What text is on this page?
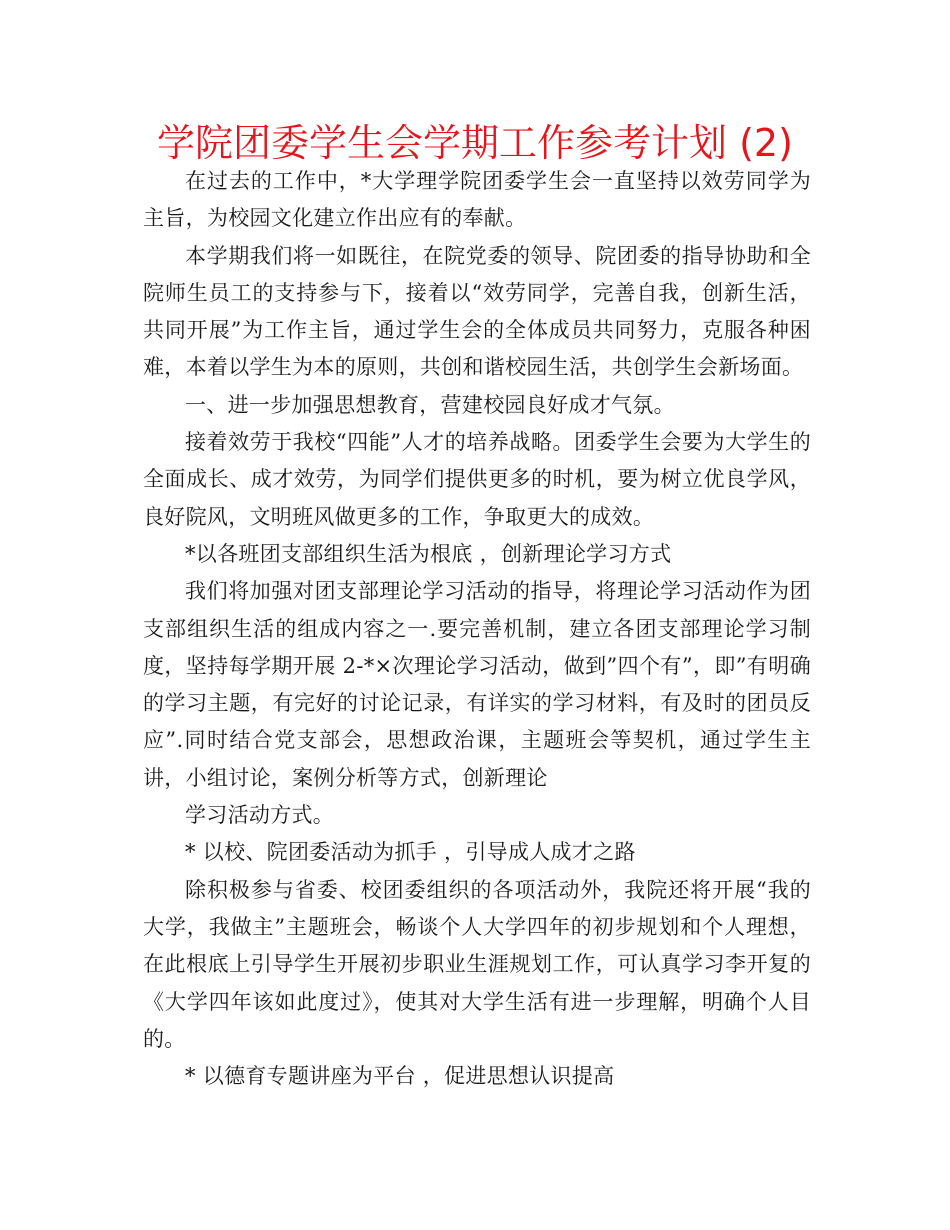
学院团委学生会学期工作参考计划 (2)

在过去的工作中，*大学理学院团委学生会一直坚持以效劳同学为主旨，为校园文化建立作出应有的奉献。

本学期我们将一如既往，在院党委的领导、院团委的指导协助和全院师生员工的支持参与下，接着以“效劳同学，完善自我，创新生活，共同开展”为工作主旨，通过学生会的全体成员共同努力，克服各种困难，本着以学生为本的原则，共创和谐校园生活，共创学生会新场面。

一、进一步加强思想教育，营建校园良好成才气氛。

接着效劳于我校“四能”人才的培养战略。团委学生会要为大学生的全面成长、成才效劳，为同学们提供更多的时机，要为树立优良学风，良好院风，文明班风做更多的工作，争取更大的成效。

*以各班团支部组织生活为根底 ，创新理论学习方式

我们将加强对团支部理论学习活动的指导，将理论学习活动作为团支部组织生活的组成内容之一.要完善机制，建立各团支部理论学习制度，坚持每学期开展 2-*×次理论学习活动，做到”四个有”，即”有明确的学习主题，有完好的讨论记录，有详实的学习材料，有及时的团员反应”.同时结合党支部会，思想政治课，主题班会等契机，通过学生主讲，小组讨论，案例分析等方式，创新理论

学习活动方式。

* 以校、院团委活动为抓手 ，引导成人成才之路

除积极参与省委、校团委组织的各项活动外，我院还将开展“我的大学，我做主”主题班会，畅谈个人大学四年的初步规划和个人理想，在此根底上引导学生开展初步职业生涯规划工作，可认真学习李开复的《大学四年该如此度过》，使其对大学生活有进一步理解，明确个人目的。

* 以德育专题讲座为平台 ，促进思想认识提高
